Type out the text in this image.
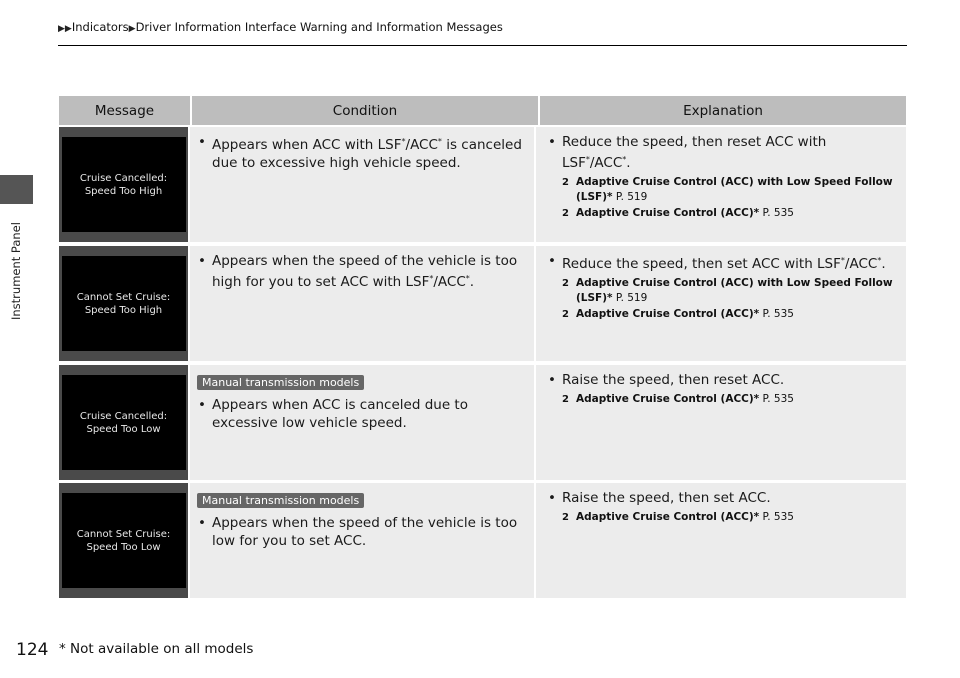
Instrument Panel
▶▶Indicators▶Driver Information Interface Warning and Information Messages
Message	Condition	Explanation
Cruise Cancelled:
Speed Too High
• Appears when ACC with LSF*/ACC* is canceled due to excessive high vehicle speed.
• Reduce the speed, then reset ACC with LSF*/ACC*.
2 Adaptive Cruise Control (ACC) with Low Speed Follow (LSF)* P. 519
2 Adaptive Cruise Control (ACC)* P. 535
Cannot Set Cruise:
Speed Too High
• Appears when the speed of the vehicle is too high for you to set ACC with LSF*/ACC*.
• Reduce the speed, then set ACC with LSF*/ACC*.
2 Adaptive Cruise Control (ACC) with Low Speed Follow (LSF)* P. 519
2 Adaptive Cruise Control (ACC)* P. 535
Cruise Cancelled:
Speed Too Low
Manual transmission models
• Appears when ACC is canceled due to excessive low vehicle speed.
• Raise the speed, then reset ACC.
2 Adaptive Cruise Control (ACC)* P. 535
Cannot Set Cruise:
Speed Too Low
Manual transmission models
• Appears when the speed of the vehicle is too low for you to set ACC.
• Raise the speed, then set ACC.
2 Adaptive Cruise Control (ACC)* P. 535
124 * Not available on all models
